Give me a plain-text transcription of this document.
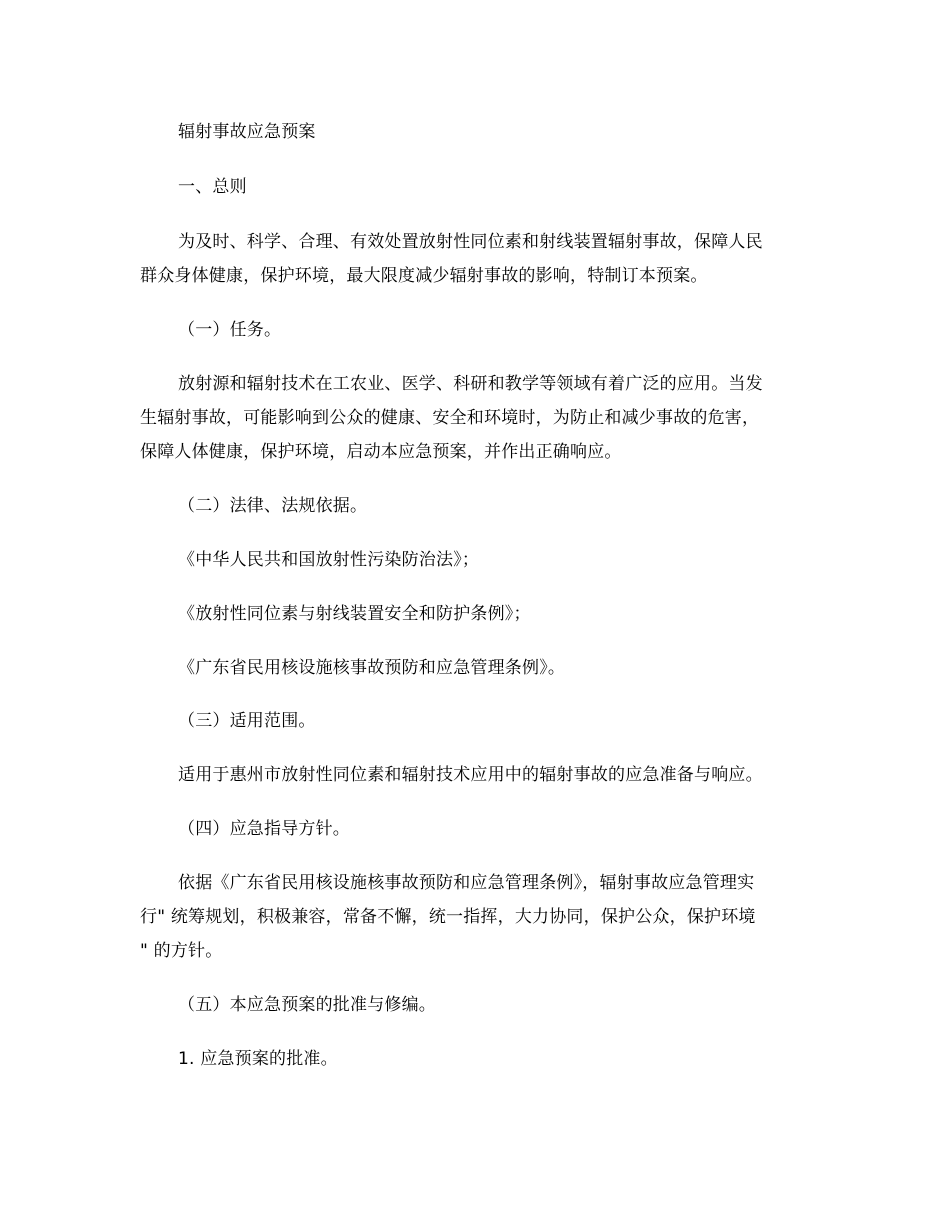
辐射事故应急预案
一、总则
为及时、科学、合理、有效处置放射性同位素和射线装置辐射事故，保障人民
群众身体健康，保护环境，最大限度减少辐射事故的影响，特制订本预案。
（一）任务。
放射源和辐射技术在工农业、医学、科研和教学等领域有着广泛的应用。当发
生辐射事故，可能影响到公众的健康、安全和环境时，为防止和减少事故的危害，
保障人体健康，保护环境，启动本应急预案，并作出正确响应。
（二）法律、法规依据。
《中华人民共和国放射性污染防治法》；
《放射性同位素与射线装置安全和防护条例》；
《广东省民用核设施核事故预防和应急管理条例》。
（三）适用范围。
适用于惠州市放射性同位素和辐射技术应用中的辐射事故的应急准备与响应。
（四）应急指导方针。
依据《广东省民用核设施核事故预防和应急管理条例》，辐射事故应急管理实
行" 统筹规划，积极兼容，常备不懈，统一指挥，大力协同，保护公众，保护环境
" 的方针。
（五）本应急预案的批准与修编。
1. 应急预案的批准。
